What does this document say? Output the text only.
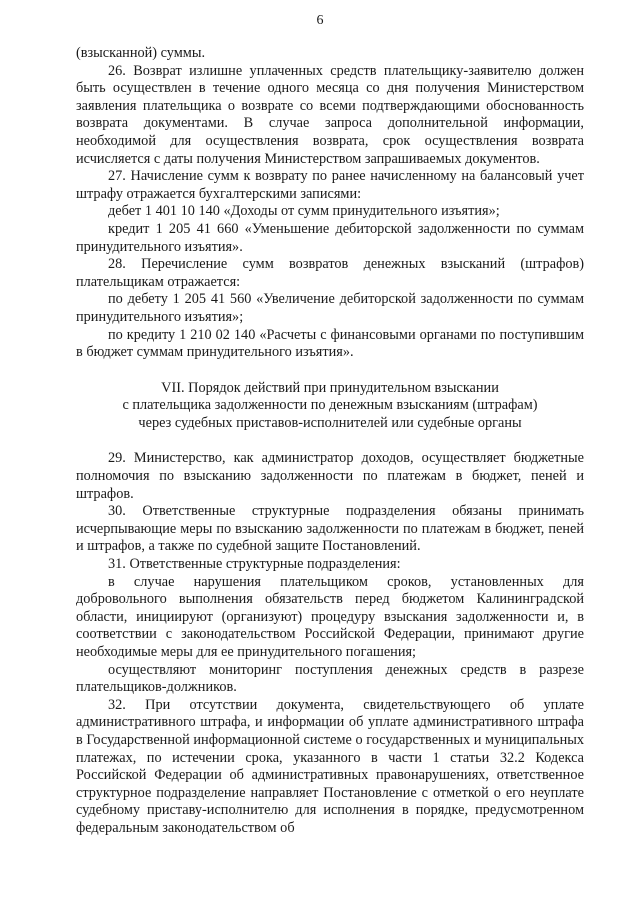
6

(взысканной) суммы.

26. Возврат излишне уплаченных средств плательщику-заявителю должен быть осуществлен в течение одного месяца со дня получения Министерством заявления плательщика о возврате со всеми подтверждающими обоснованность возврата документами. В случае запроса дополнительной информации, необходимой для осуществления возврата, срок осуществления возврата исчисляется с даты получения Министерством запрашиваемых документов.

27. Начисление сумм к возврату по ранее начисленному на балансовый учет штрафу отражается бухгалтерскими записями:

дебет 1 401 10 140 «Доходы от сумм принудительного изъятия»;

кредит 1 205 41 660 «Уменьшение дебиторской задолженности по суммам принудительного изъятия».

28. Перечисление сумм возвратов денежных взысканий (штрафов) плательщикам отражается:

по дебету 1 205 41 560 «Увеличение дебиторской задолженности по суммам принудительного изъятия»;

по кредиту 1 210 02 140 «Расчеты с финансовыми органами по поступившим в бюджет суммам принудительного изъятия».

VII. Порядок действий при принудительном взыскании
с плательщика задолженности по денежным взысканиям (штрафам)
через судебных приставов-исполнителей или судебные органы

29. Министерство, как администратор доходов, осуществляет бюджетные полномочия по взысканию задолженности по платежам в бюджет, пеней и штрафов.

30. Ответственные структурные подразделения обязаны принимать исчерпывающие меры по взысканию задолженности по платежам в бюджет, пеней и штрафов, а также по судебной защите Постановлений.

31. Ответственные структурные подразделения:

в случае нарушения плательщиком сроков, установленных для добровольного выполнения обязательств перед бюджетом Калининградской области, инициируют (организуют) процедуру взыскания задолженности и, в соответствии с законодательством Российской Федерации, принимают другие необходимые меры для ее принудительного погашения;

осуществляют мониторинг поступления денежных средств в разрезе плательщиков-должников.

32. При отсутствии документа, свидетельствующего об уплате административного штрафа, и информации об уплате административного штрафа в Государственной информационной системе о государственных и муниципальных платежах, по истечении срока, указанного в части 1 статьи 32.2 Кодекса Российской Федерации об административных правонарушениях, ответственное структурное подразделение направляет Постановление с отметкой о его неуплате судебному приставу-исполнителю для исполнения в порядке, предусмотренном федеральным законодательством об
